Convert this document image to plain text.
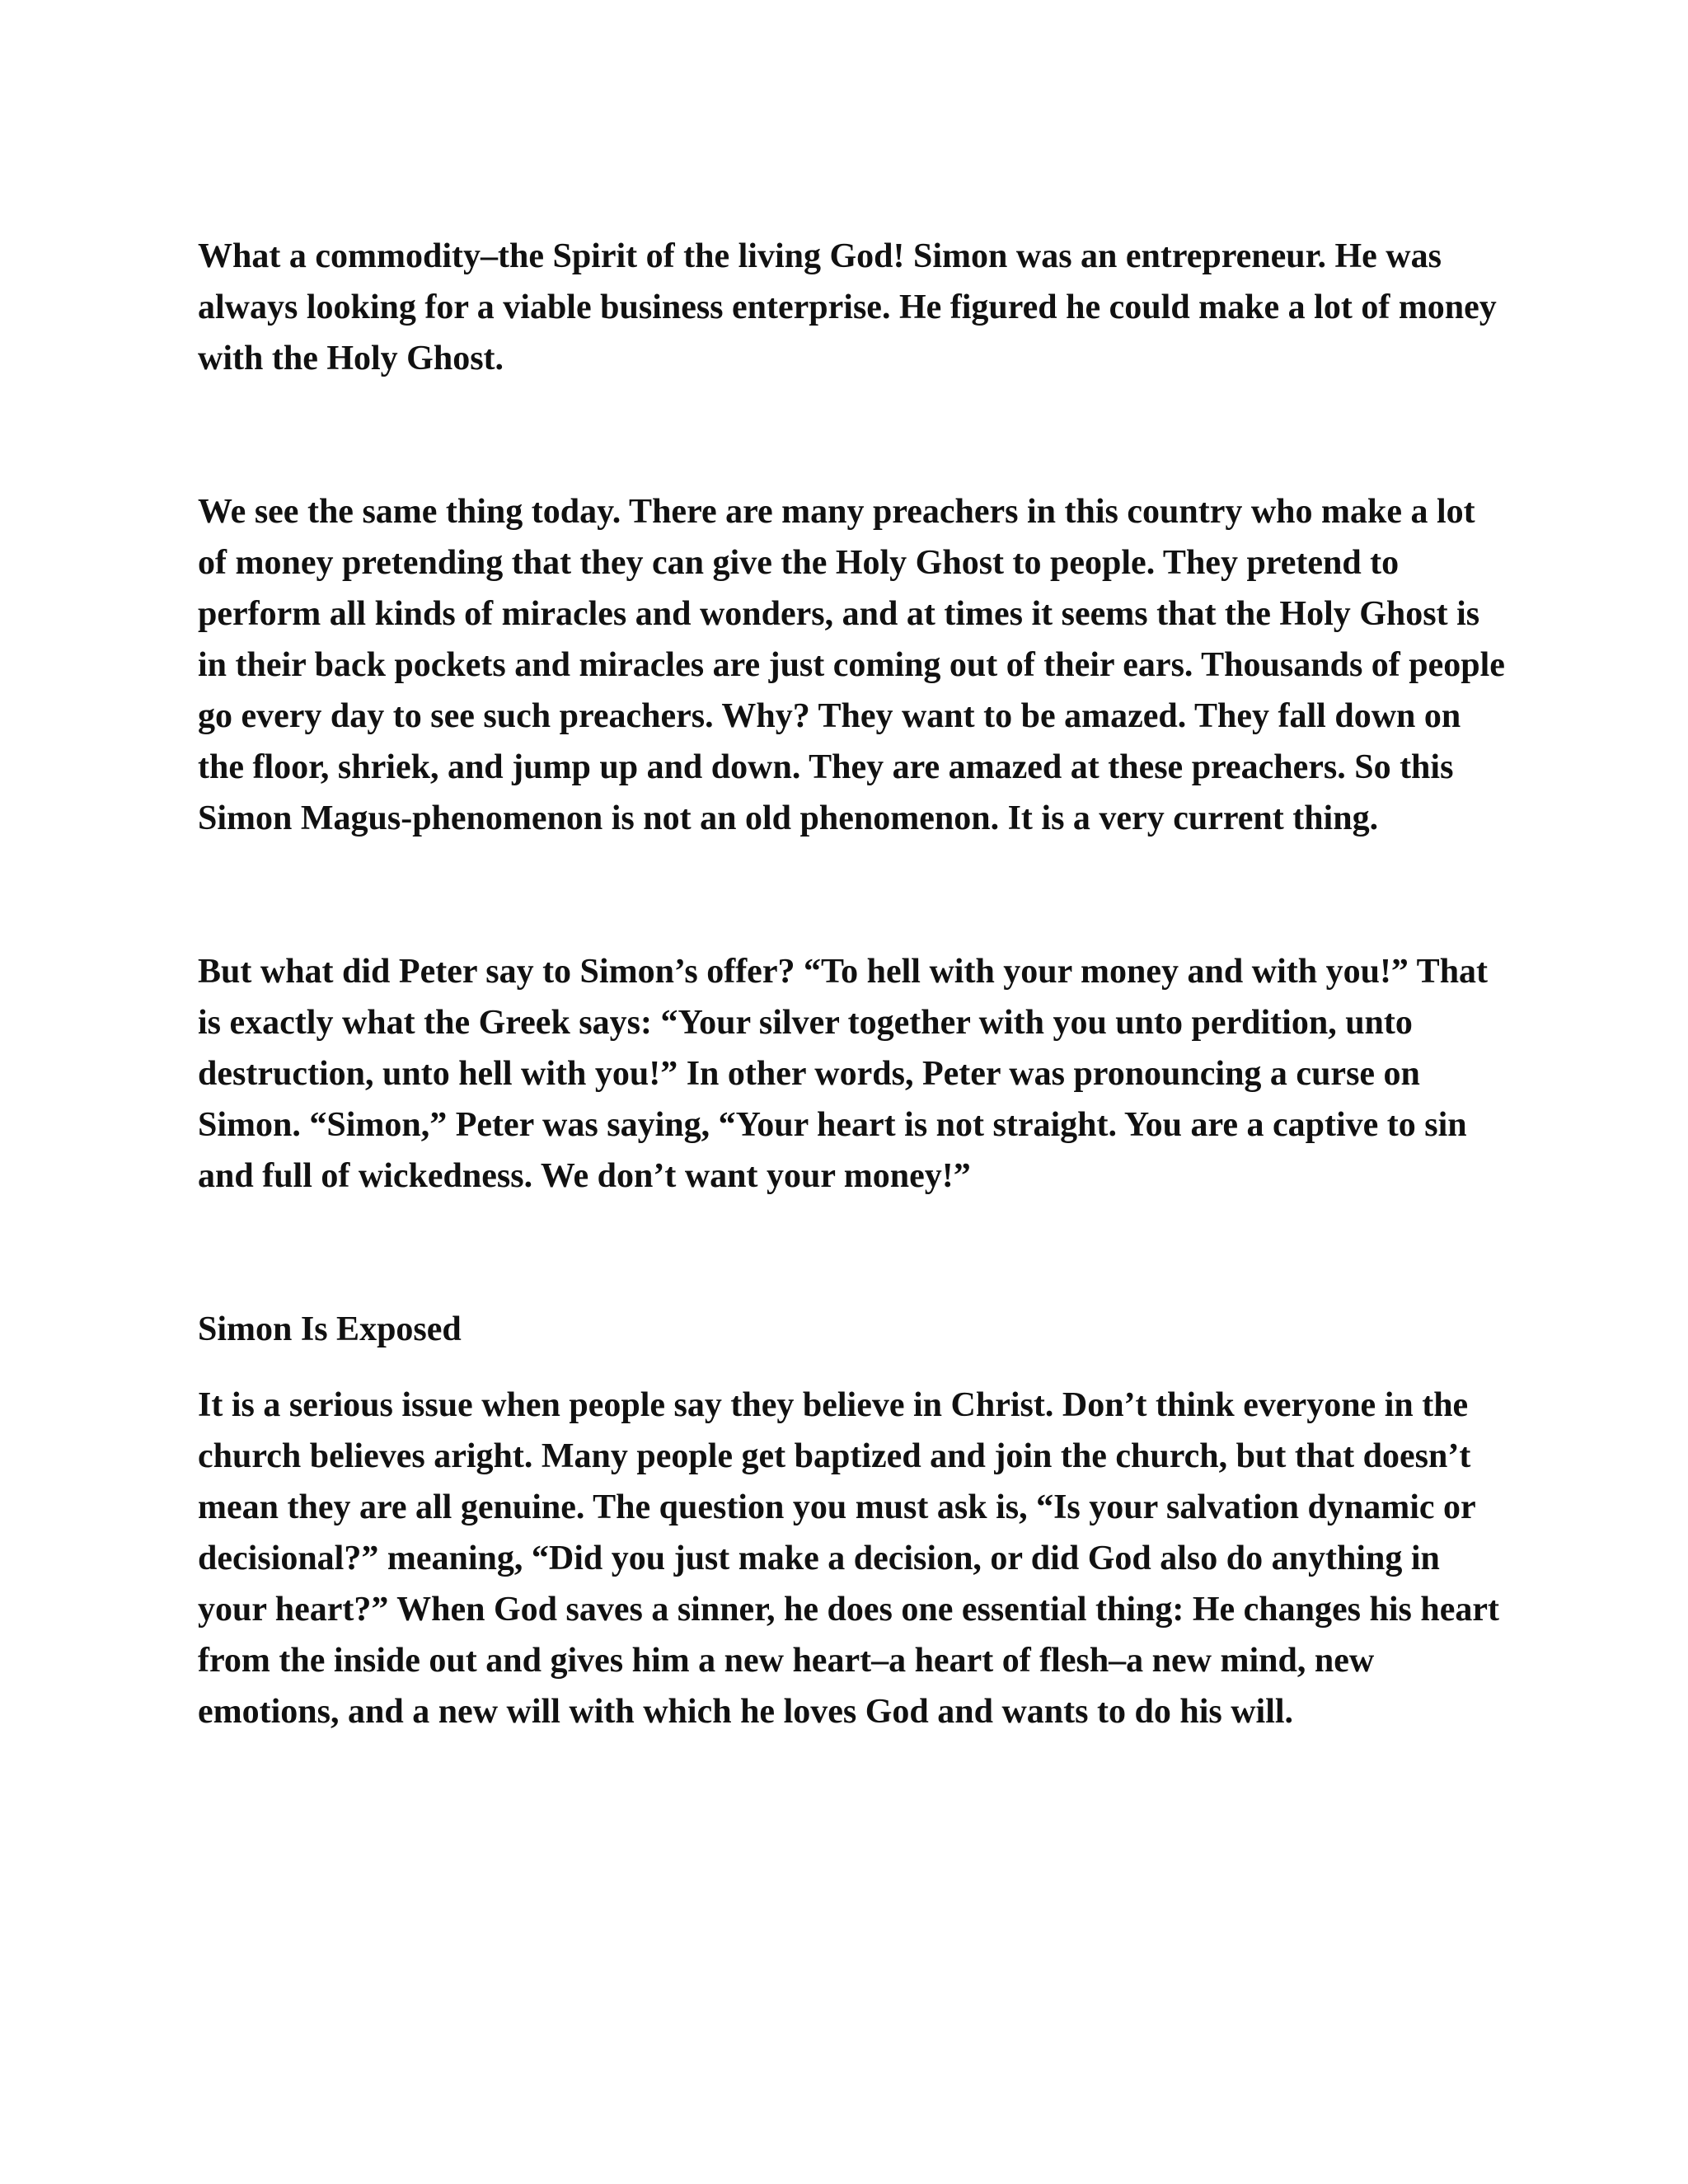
What a commodity–the Spirit of the living God! Simon was an entrepreneur. He was always looking for a viable business enterprise. He figured he could make a lot of money with the Holy Ghost.

We see the same thing today. There are many preachers in this country who make a lot of money pretending that they can give the Holy Ghost to people. They pretend to perform all kinds of miracles and wonders, and at times it seems that the Holy Ghost is in their back pockets and miracles are just coming out of their ears. Thousands of people go every day to see such preachers. Why? They want to be amazed. They fall down on the floor, shriek, and jump up and down. They are amazed at these preachers. So this Simon Magus-phenomenon is not an old phenomenon. It is a very current thing.

But what did Peter say to Simon’s offer? “To hell with your money and with you!” That is exactly what the Greek says: “Your silver together with you unto perdition, unto destruction, unto hell with you!” In other words, Peter was pronouncing a curse on Simon. “Simon,” Peter was saying, “Your heart is not straight. You are a captive to sin and full of wickedness. We don’t want your money!”

Simon Is Exposed

It is a serious issue when people say they believe in Christ. Don’t think everyone in the church believes aright. Many people get baptized and join the church, but that doesn’t mean they are all genuine. The question you must ask is, “Is your salvation dynamic or decisional?” meaning, “Did you just make a decision, or did God also do anything in your heart?” When God saves a sinner, he does one essential thing: He changes his heart from the inside out and gives him a new heart–a heart of flesh–a new mind, new emotions, and a new will with which he loves God and wants to do his will.
